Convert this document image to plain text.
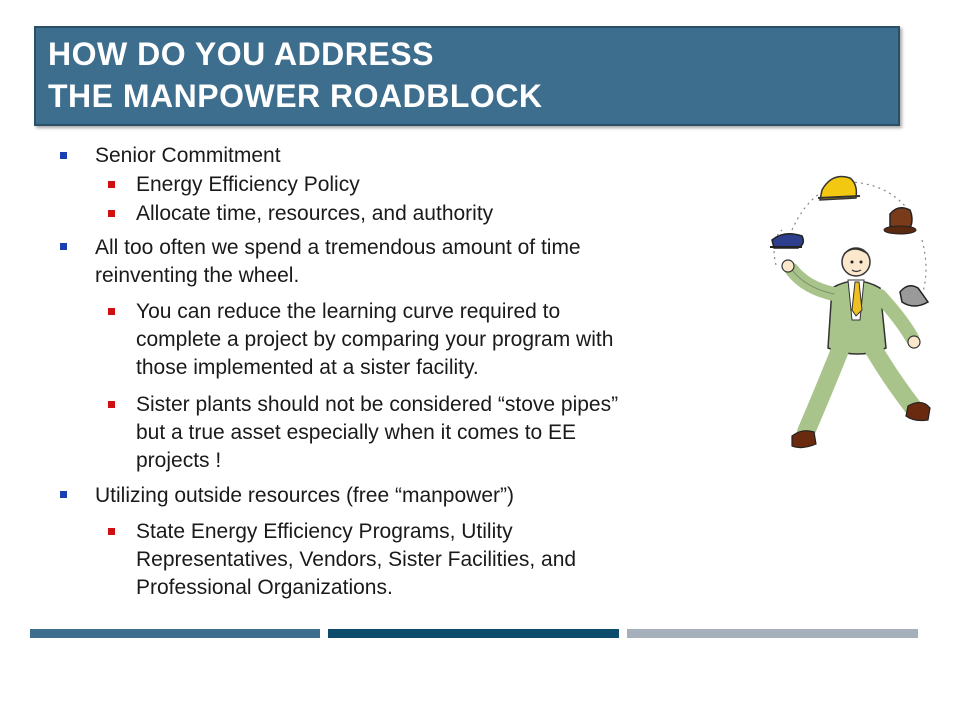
HOW DO YOU ADDRESS
THE MANPOWER ROADBLOCK
Senior Commitment
Energy Efficiency Policy
Allocate time, resources, and authority
All too often we spend a tremendous amount of time
reinventing the wheel.
You can reduce the learning curve required to
complete a project by comparing your program with
those implemented at a sister facility.
Sister plants should not be considered “stove pipes”
but a true asset especially when it comes to EE
projects !
Utilizing outside resources (free “manpower”)
State Energy Efficiency Programs, Utility
Representatives, Vendors, Sister Facilities, and
Professional Organizations.
